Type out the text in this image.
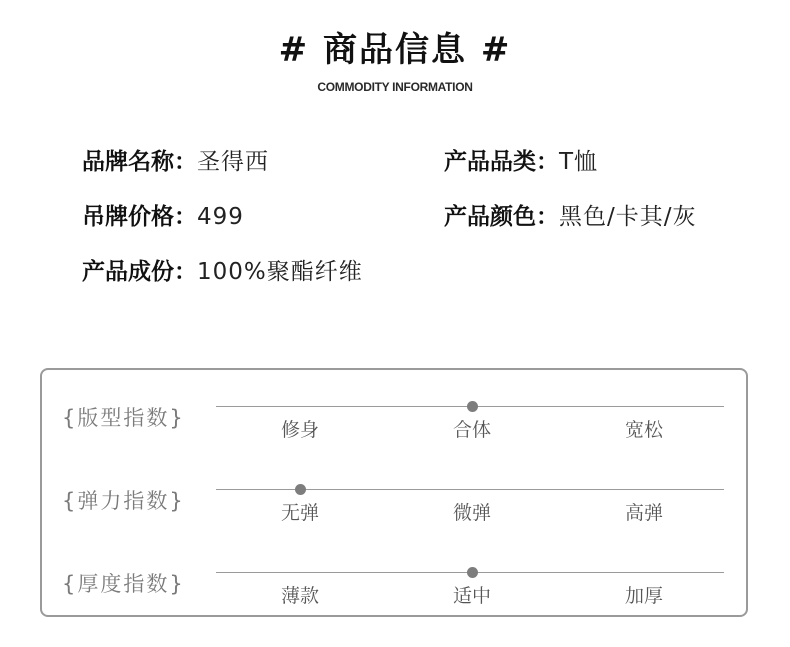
# 商品信息 #
COMMODITY INFORMATION
品牌名称：圣得西	产品品类：T恤
吊牌价格：499	产品颜色：黑色/卡其/灰
产品成份：100%聚酯纤维
{版型指数}	修身	合体	宽松
{弹力指数}	无弹	微弹	高弹
{厚度指数}	薄款	适中	加厚
